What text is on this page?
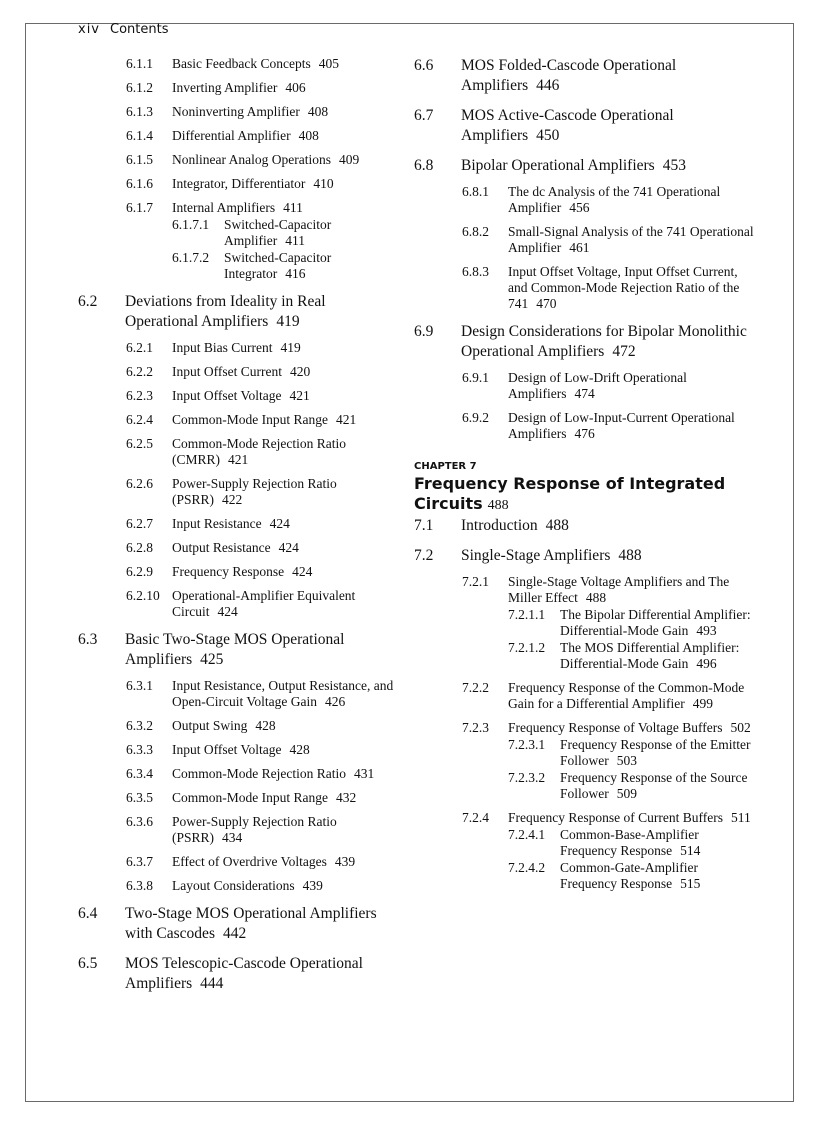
xiv Contents
6.1.1 Basic Feedback Concepts 405
6.1.2 Inverting Amplifier 406
6.1.3 Noninverting Amplifier 408
6.1.4 Differential Amplifier 408
6.1.5 Nonlinear Analog Operations 409
6.1.6 Integrator, Differentiator 410
6.1.7 Internal Amplifiers 411
6.1.7.1 Switched-Capacitor Amplifier 411
6.1.7.2 Switched-Capacitor Integrator 416
6.2 Deviations from Ideality in Real Operational Amplifiers 419
6.2.1 Input Bias Current 419
6.2.2 Input Offset Current 420
6.2.3 Input Offset Voltage 421
6.2.4 Common-Mode Input Range 421
6.2.5 Common-Mode Rejection Ratio (CMRR) 421
6.2.6 Power-Supply Rejection Ratio (PSRR) 422
6.2.7 Input Resistance 424
6.2.8 Output Resistance 424
6.2.9 Frequency Response 424
6.2.10 Operational-Amplifier Equivalent Circuit 424
6.3 Basic Two-Stage MOS Operational Amplifiers 425
6.3.1 Input Resistance, Output Resistance, and Open-Circuit Voltage Gain 426
6.3.2 Output Swing 428
6.3.3 Input Offset Voltage 428
6.3.4 Common-Mode Rejection Ratio 431
6.3.5 Common-Mode Input Range 432
6.3.6 Power-Supply Rejection Ratio (PSRR) 434
6.3.7 Effect of Overdrive Voltages 439
6.3.8 Layout Considerations 439
6.4 Two-Stage MOS Operational Amplifiers with Cascodes 442
6.5 MOS Telescopic-Cascode Operational Amplifiers 444
6.6 MOS Folded-Cascode Operational Amplifiers 446
6.7 MOS Active-Cascode Operational Amplifiers 450
6.8 Bipolar Operational Amplifiers 453
6.8.1 The dc Analysis of the 741 Operational Amplifier 456
6.8.2 Small-Signal Analysis of the 741 Operational Amplifier 461
6.8.3 Input Offset Voltage, Input Offset Current, and Common-Mode Rejection Ratio of the 741 470
6.9 Design Considerations for Bipolar Monolithic Operational Amplifiers 472
6.9.1 Design of Low-Drift Operational Amplifiers 474
6.9.2 Design of Low-Input-Current Operational Amplifiers 476
CHAPTER 7
Frequency Response of Integrated Circuits 488
7.1 Introduction 488
7.2 Single-Stage Amplifiers 488
7.2.1 Single-Stage Voltage Amplifiers and The Miller Effect 488
7.2.1.1 The Bipolar Differential Amplifier: Differential-Mode Gain 493
7.2.1.2 The MOS Differential Amplifier: Differential-Mode Gain 496
7.2.2 Frequency Response of the Common-Mode Gain for a Differential Amplifier 499
7.2.3 Frequency Response of Voltage Buffers 502
7.2.3.1 Frequency Response of the Emitter Follower 503
7.2.3.2 Frequency Response of the Source Follower 509
7.2.4 Frequency Response of Current Buffers 511
7.2.4.1 Common-Base-Amplifier Frequency Response 514
7.2.4.2 Common-Gate-Amplifier Frequency Response 515
